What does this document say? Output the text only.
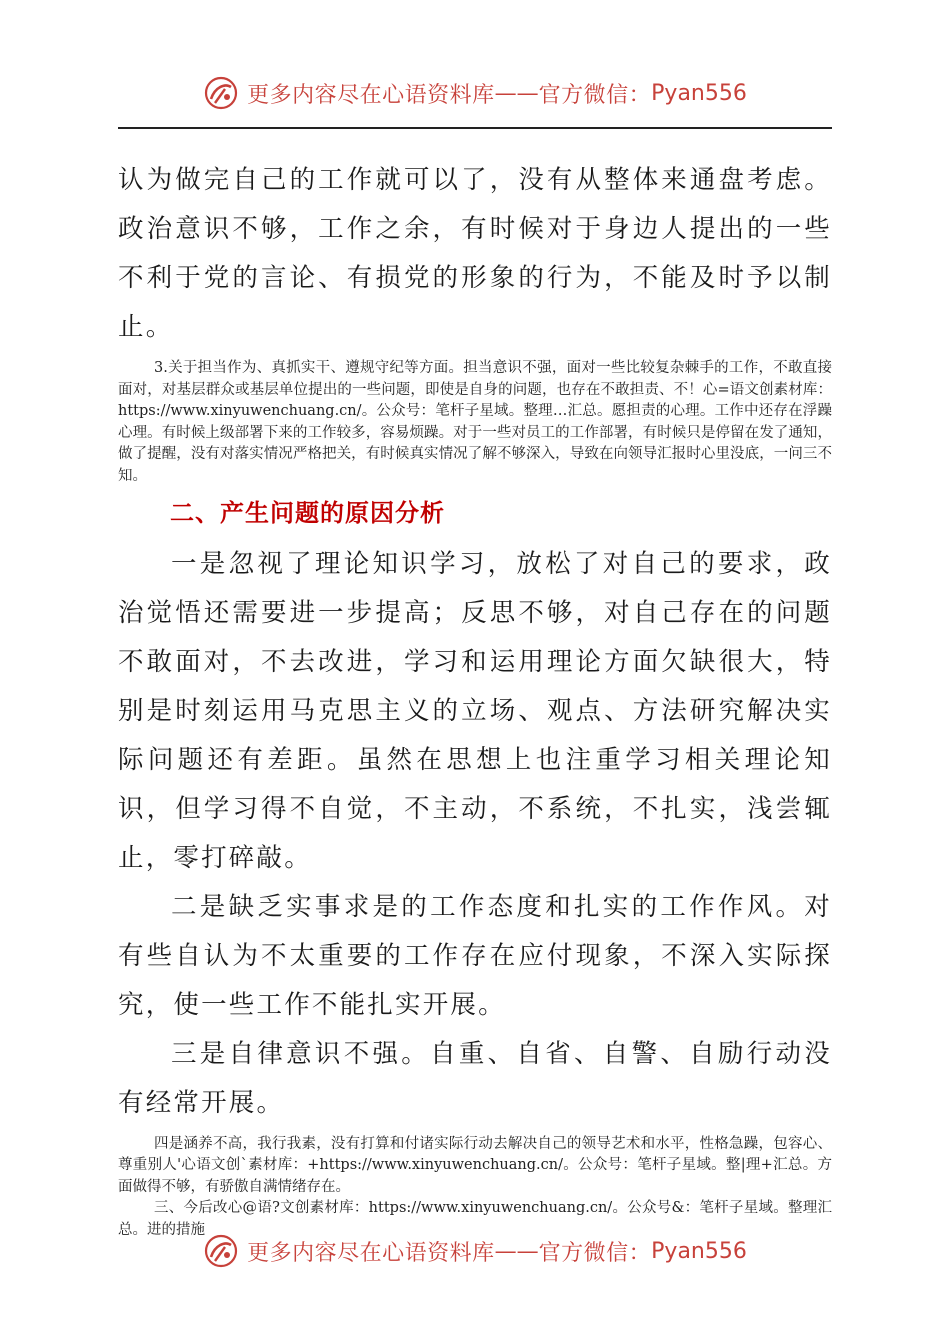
更多内容尽在心语资料库 —— 官方微信： Pyan556

认为做完自己的工作就可以了，没有从整体来通盘考虑。政治意识不够，工作之余，有时候对于身边人提出的一些不利于党的言论、有损党的形象的行为，不能及时予以制止。

3.关于担当作为、真抓实干、遵规守纪等方面。担当意识不强，面对一些比较复杂棘手的工作，不敢直接面对，对基层群众或基层单位提出的一些问题，即使是自身的问题，也存在不敢担责、不！心=语文创素材库：https://www.xinyuwenchuang.cn/。公众号：笔杆子星域。整理…汇总。愿担责的心理。工作中还存在浮躁心理。有时候上级部署下来的工作较多，容易烦躁。对于一些对员工的工作部署，有时候只是停留在发了通知，做了提醒，没有对落实情况严格把关，有时候真实情况了解不够深入，导致在向领导汇报时心里没底，一问三不知。

二、产生问题的原因分析

一是忽视了理论知识学习，放松了对自己的要求，政治觉悟还需要进一步提高；反思不够，对自己存在的问题不敢面对，不去改进，学习和运用理论方面欠缺很大，特别是时刻运用马克思主义的立场、观点、方法研究解决实际问题还有差距。虽然在思想上也注重学习相关理论知识，但学习得不自觉，不主动，不系统，不扎实，浅尝辄止，零打碎敲。

二是缺乏实事求是的工作态度和扎实的工作作风。对有些自认为不太重要的工作存在应付现象，不深入实际探究，使一些工作不能扎实开展。

三是自律意识不强。自重、自省、自警、自励行动没有经常开展。

四是涵养不高，我行我素，没有打算和付诸实际行动去解决自己的领导艺术和水平，性格急躁，包容心、尊重别人'心语文创`素材库：+https://www.xinyuwenchuang.cn/。公众号：笔杆子星域。整|理+汇总。方面做得不够，有骄傲自满情绪存在。

三、今后改心@语?文创素材库：https://www.xinyuwenchuang.cn/。公众号&：笔杆子星域。整理汇总。进的措施

更多内容尽在心语资料库 —— 官方微信： Pyan556
